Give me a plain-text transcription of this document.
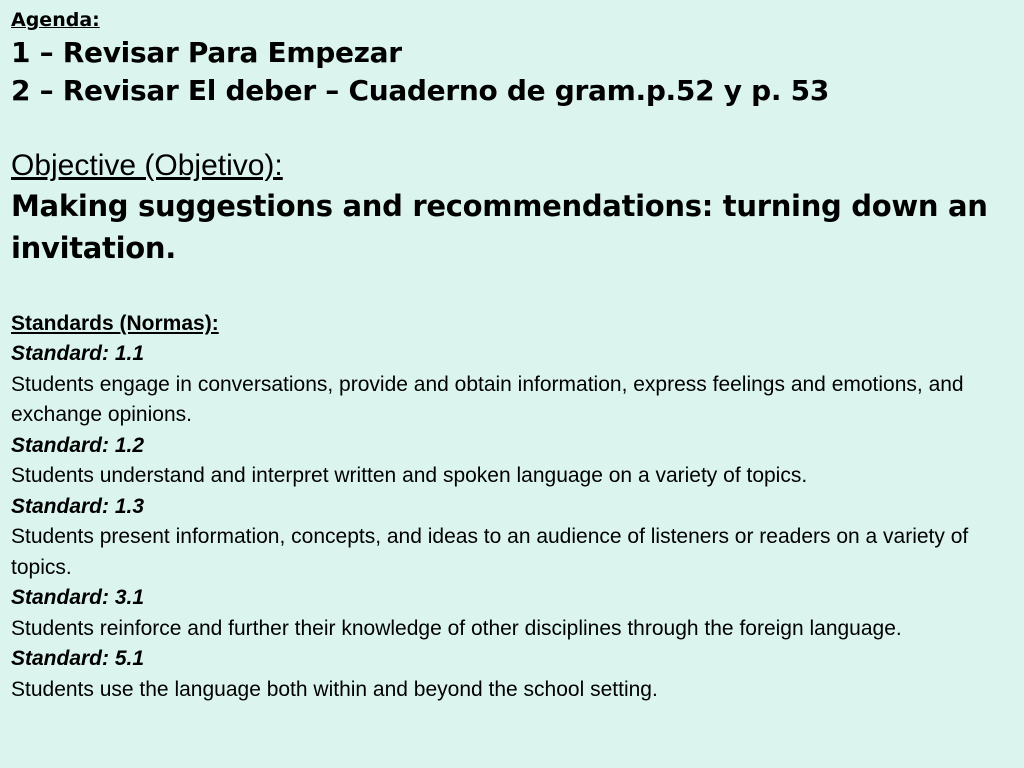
Agenda:

1 – Revisar Para Empezar

2 – Revisar El deber – Cuaderno de gram.p.52 y p. 53

Objective (Objetivo):

Making suggestions and recommendations: turning down an invitation.

Standards (Normas):

Standard: 1.1

Students engage in conversations, provide and obtain information, express feelings and emotions, and exchange opinions.

Standard: 1.2

Students understand and interpret written and spoken language on a variety of topics.

Standard: 1.3

Students present information, concepts, and ideas to an audience of listeners or readers on a variety of topics.

Standard: 3.1

Students reinforce and further their knowledge of other disciplines through the foreign language.

Standard: 5.1

Students use the language both within and beyond the school setting.
